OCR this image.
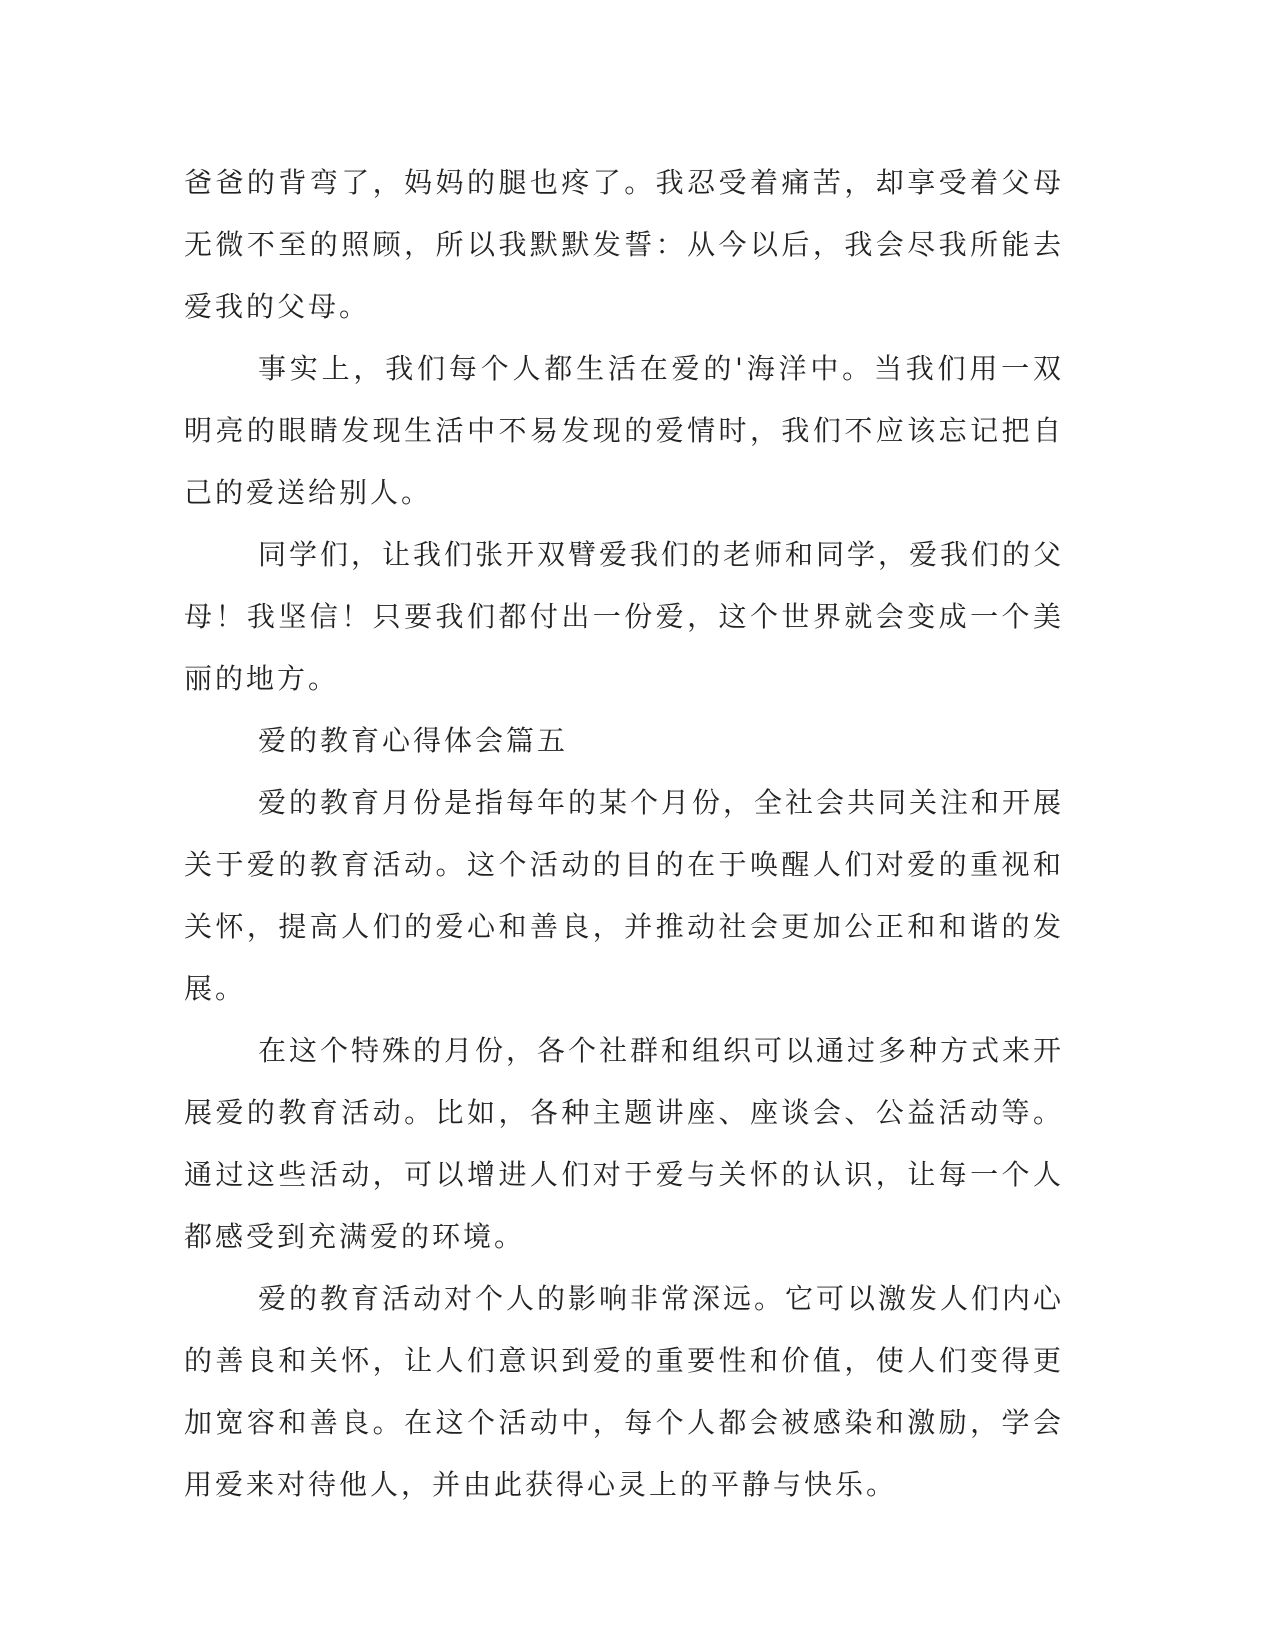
爸爸的背弯了，妈妈的腿也疼了。我忍受着痛苦，却享受着父母无微不至的照顾，所以我默默发誓：从今以后，我会尽我所能去爱我的父母。

事实上，我们每个人都生活在爱的'海洋中。当我们用一双明亮的眼睛发现生活中不易发现的爱情时，我们不应该忘记把自己的爱送给别人。

同学们，让我们张开双臂爱我们的老师和同学，爱我们的父母！我坚信！只要我们都付出一份爱，这个世界就会变成一个美丽的地方。

爱的教育心得体会篇五

爱的教育月份是指每年的某个月份，全社会共同关注和开展关于爱的教育活动。这个活动的目的在于唤醒人们对爱的重视和关怀，提高人们的爱心和善良，并推动社会更加公正和和谐的发展。

在这个特殊的月份，各个社群和组织可以通过多种方式来开展爱的教育活动。比如，各种主题讲座、座谈会、公益活动等。通过这些活动，可以增进人们对于爱与关怀的认识，让每一个人都感受到充满爱的环境。

爱的教育活动对个人的影响非常深远。它可以激发人们内心的善良和关怀，让人们意识到爱的重要性和价值，使人们变得更加宽容和善良。在这个活动中，每个人都会被感染和激励，学会用爱来对待他人，并由此获得心灵上的平静与快乐。
